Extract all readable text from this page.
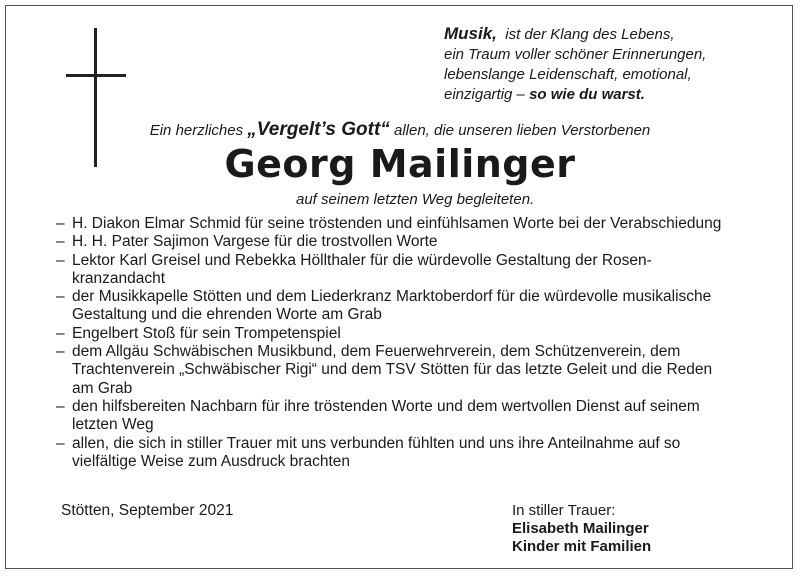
Musik, ist der Klang des Lebens,
ein Traum voller schöner Erinnerungen,
lebenslange Leidenschaft, emotional,
einzigartig – so wie du warst.
Ein herzliches „Vergelt’s Gott“ allen, die unseren lieben Verstorbenen
Georg Mailinger
auf seinem letzten Weg begleiteten.
– H. Diakon Elmar Schmid für seine tröstenden und einfühlsamen Worte bei der Verabschiedung
– H. H. Pater Sajimon Vargese für die trostvollen Worte
– Lektor Karl Greisel und Rebekka Höllthaler für die würdevolle Gestaltung der Rosenkranzandacht
– der Musikkapelle Stötten und dem Liederkranz Marktoberdorf für die würdevolle musikalische Gestaltung und die ehrenden Worte am Grab
– Engelbert Stoß für sein Trompetenspiel
– dem Allgäu Schwäbischen Musikbund, dem Feuerwehrverein, dem Schützenverein, dem Trachtenverein „Schwäbischer Rigi“ und dem TSV Stötten für das letzte Geleit und die Reden am Grab
– den hilfsbereiten Nachbarn für ihre tröstenden Worte und dem wertvollen Dienst auf seinem letzten Weg
– allen, die sich in stiller Trauer mit uns verbunden fühlten und uns ihre Anteilnahme auf so vielfältige Weise zum Ausdruck brachten
Stötten, September 2021	In stiller Trauer:
Elisabeth Mailinger
Kinder mit Familien
